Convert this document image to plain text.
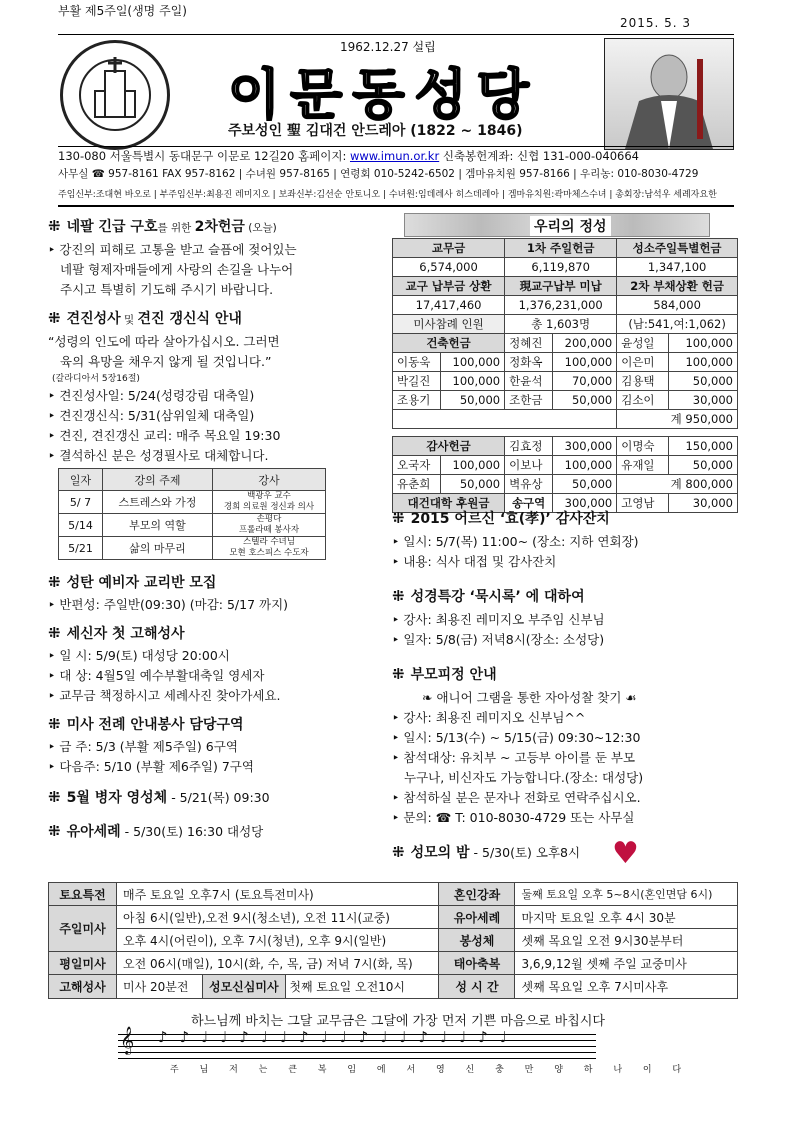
부활 제5주일(생명 주일)
2015. 5. 3
1962.12.27 설립
이문동성당
주보성인 聖 김대건 안드레아 (1822 ~ 1846)
130-080 서울특별시 동대문구 이문로 12길20 홈페이지: www.imun.or.kr 신축봉헌계좌: 신협 131-000-040664
사무실 ☎ 957-8161 FAX 957-8162 | 수녀원 957-8165 | 연령회 010-5242-6502 | 겜마유치원 957-8166 | 우리농: 010-8030-4729
주임신부:조대현 바오로 | 부주임신부:최용진 레미지오 | 보좌신부:김선순 안토니오 | 수녀원:임데레사 히스데레아 | 겜마유치원:곽마체스수녀 | 총회장:남석우 세례자요한
⁜ 네팔 긴급 구호를 위한 2차헌금 (오늘)
‣ 강진의 피해로 고통을 받고 슬픔에 젖어있는
네팔 형제자매들에게 사랑의 손길을 나누어
주시고 특별히 기도해 주시기 바랍니다.
⁜ 견진성사 및 견진 갱신식 안내
“성령의 인도에 따라 살아가십시오. 그러면
육의 욕망을 채우지 않게 될 것입니다.”
(갈라디아서 5장16절)
‣ 견진성사일: 5/24(성령강림 대축일)
‣ 견진갱신식: 5/31(삼위일체 대축일)
‣ 견진, 견진갱신 교리: 매주 목요일 19:30
‣ 결석하신 분은 성경필사로 대체합니다.
일자	강의 주제	강사
5/ 7	스트레스와 가정	백광우 교수
경희 의료원 정신과 의사

5/14	부모의 역할	손평다
프롤라떼 봉사자

5/21	삶의 마무리	스텔라 수녀님
모현 호스피스 수도자
⁜ 성탄 예비자 교리반 모집
‣ 반편성: 주일반(09:30) (마감: 5/17 까지)
⁜ 세신자 첫 고해성사
‣ 일 시: 5/9(토) 대성당 20:00시
‣ 대 상: 4월5일 예수부활대축일 영세자
‣ 교무금 책정하시고 세례사진 찾아가세요.
⁜ 미사 전례 안내봉사 담당구역
‣ 금 주: 5/3 (부활 제5주일) 6구역
‣ 다음주: 5/10 (부활 제6주일) 7구역
⁜ 5월 병자 영성체 - 5/21(목) 09:30
⁜ 유아세례 - 5/30(토) 16:30 대성당
우리의 정성
교무금		1차 주일헌금		성소주일특별헌금	
6,574,000		6,119,870		1,347,100	
교구 납부금 상환		現교구납부 미납		2차 부채상환 헌금	
17,417,460		1,376,231,000		584,000	
미사참례 인원		총 1,603명		(남:541,여:1,062)	
건축헌금		정혜진	200,000	윤성일	100,000
이동욱	100,000	정화옥	100,000	이은미	100,000
박길진	100,000	한윤석	70,000	김용택	50,000
조용기	50,000	조한금	50,000	김소이	30,000
				계 950,000	

감사헌금		김효정	300,000	이명숙	150,000
오국자	100,000	이보나	100,000	유재일	50,000
유춘희	50,000	벽유상	50,000	계 800,000	
대건대학 후원금		송구역	300,000	고영남	30,000
⁜ 2015 어르신 ‘효(孝)’ 감사잔치
‣ 일시: 5/7(목) 11:00~ (장소: 지하 연회장)
‣ 내용: 식사 대접 및 감사잔치
⁜ 성경특강 ‘묵시록’ 에 대하여
‣ 강사: 최용진 레미지오 부주임 신부님
‣ 일자: 5/8(금) 저녁8시(장소: 소성당)
⁜ 부모피정 안내
❧ 애니어 그램을 통한 자아성찰 찾기 ☙
‣ 강사: 최용진 레미지오 신부님^^
‣ 일시: 5/13(수) ~ 5/15(금) 09:30~12:30
‣ 참석대상: 유치부 ~ 고등부 아이를 둔 부모
누구나, 비신자도 가능합니다.(장소: 대성당)
‣ 참석하실 분은 문자나 전화로 연락주십시오.
‣ 문의: ☎ T: 010-8030-4729 또는 사무실
⁜ 성모의 밤 - 5/30(토) 오후8시	♥
토요특전	매주 토요일 오후7시 (토요특전미사)		혼인강좌	둘째 토요일 오후 5~8시(혼인면담 6시)
주일미사	아침 6시(일반),오전 9시(청소년), 오전 11시(교중)		유아세례	마지막 토요일 오후 4시 30분
	오후 4시(어린이), 오후 7시(청년), 오후 9시(일반)		봉성체	셋째 목요일 오전 9시30분부터
평일미사	오전 06시(매일), 10시(화, 수, 목, 금) 저녁 7시(화, 목)		태아축복	3,6,9,12월 셋째 주일 교중미사
고해성사	미사 20분전	성모신심미사 첫째 토요일 오전10시	성 시 간	셋째 목요일 오후 7시미사후
하느님께 바치는 그달 교무금은 그달에 가장 먼저 기쁜 마음으로 바칩시다
𝄞 ♪♪♩♩♪♩♩♪♩♩♪♩♩♪♩♩♪♩
주 님 저 는 큰 복 임 에 서 영 신 충 만 양 하 나 이 다
